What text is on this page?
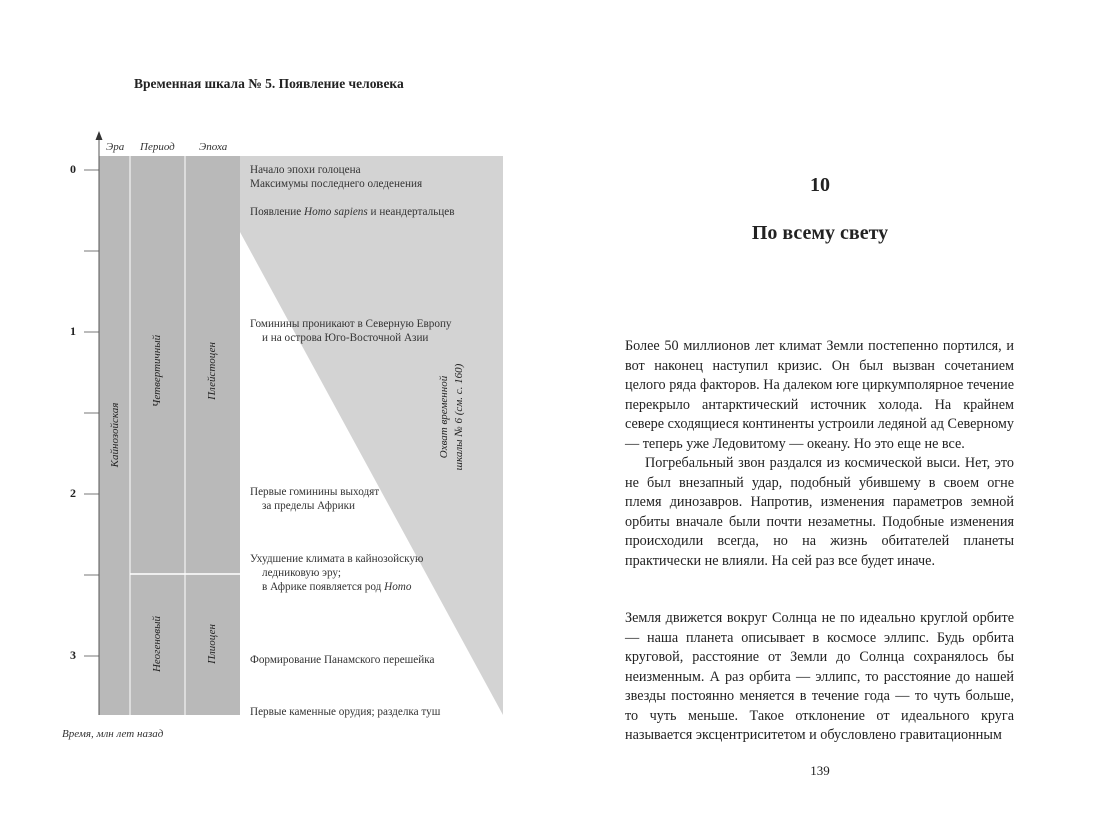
Временная шкала № 5. Появление человека
Эра Период Эпоха
0
1
2
3
Кайнозойская
Четвертичный
Неогеновый
Плейстоцен
Плиоцен
Охват временной шкалы № 6 (см. с. 160)
Начало эпохи голоцена
Максимумы последнего оледенения
Появление Homo sapiens и неандертальцев
Гоминины проникают в Северную Европу
и на острова Юго-Восточной Азии
Первые гоминины выходят
за пределы Африки
Ухудшение климата в кайнозойскую
ледниковую эру;
в Африке появляется род Homo
Формирование Панамского перешейка
Первые каменные орудия; разделка туш
Время, млн лет назад
10
По всему свету

Более 50 миллионов лет климат Земли постепенно портился, и вот наконец наступил кризис. Он был вызван сочетанием целого ряда факторов. На далеком юге циркумполярное течение перекрыло антарктический источник холода. На крайнем севере сходящиеся континенты устроили ледяной ад Северному — теперь уже Ледовитому — океану. Но это еще не все.

Погребальный звон раздался из космической выси. Нет, это не был внезапный удар, подобный убившему в своем огне племя динозавров. Напротив, изменения параметров земной орбиты вначале были почти незаметны. Подобные изменения происходили всегда, но на жизнь обитателей планеты практически не влияли. На сей раз все будет иначе.

Земля движется вокруг Солнца не по идеально круглой орбите — наша планета описывает в космосе эллипс. Будь орбита круговой, расстояние от Земли до Солнца сохранялось бы неизменным. А раз орбита — эллипс, то расстояние до нашей звезды постоянно меняется в течение года — то чуть больше, то чуть меньше. Такое отклонение от идеального круга называется эксцентриситетом и обусловлено гравитационным

139
